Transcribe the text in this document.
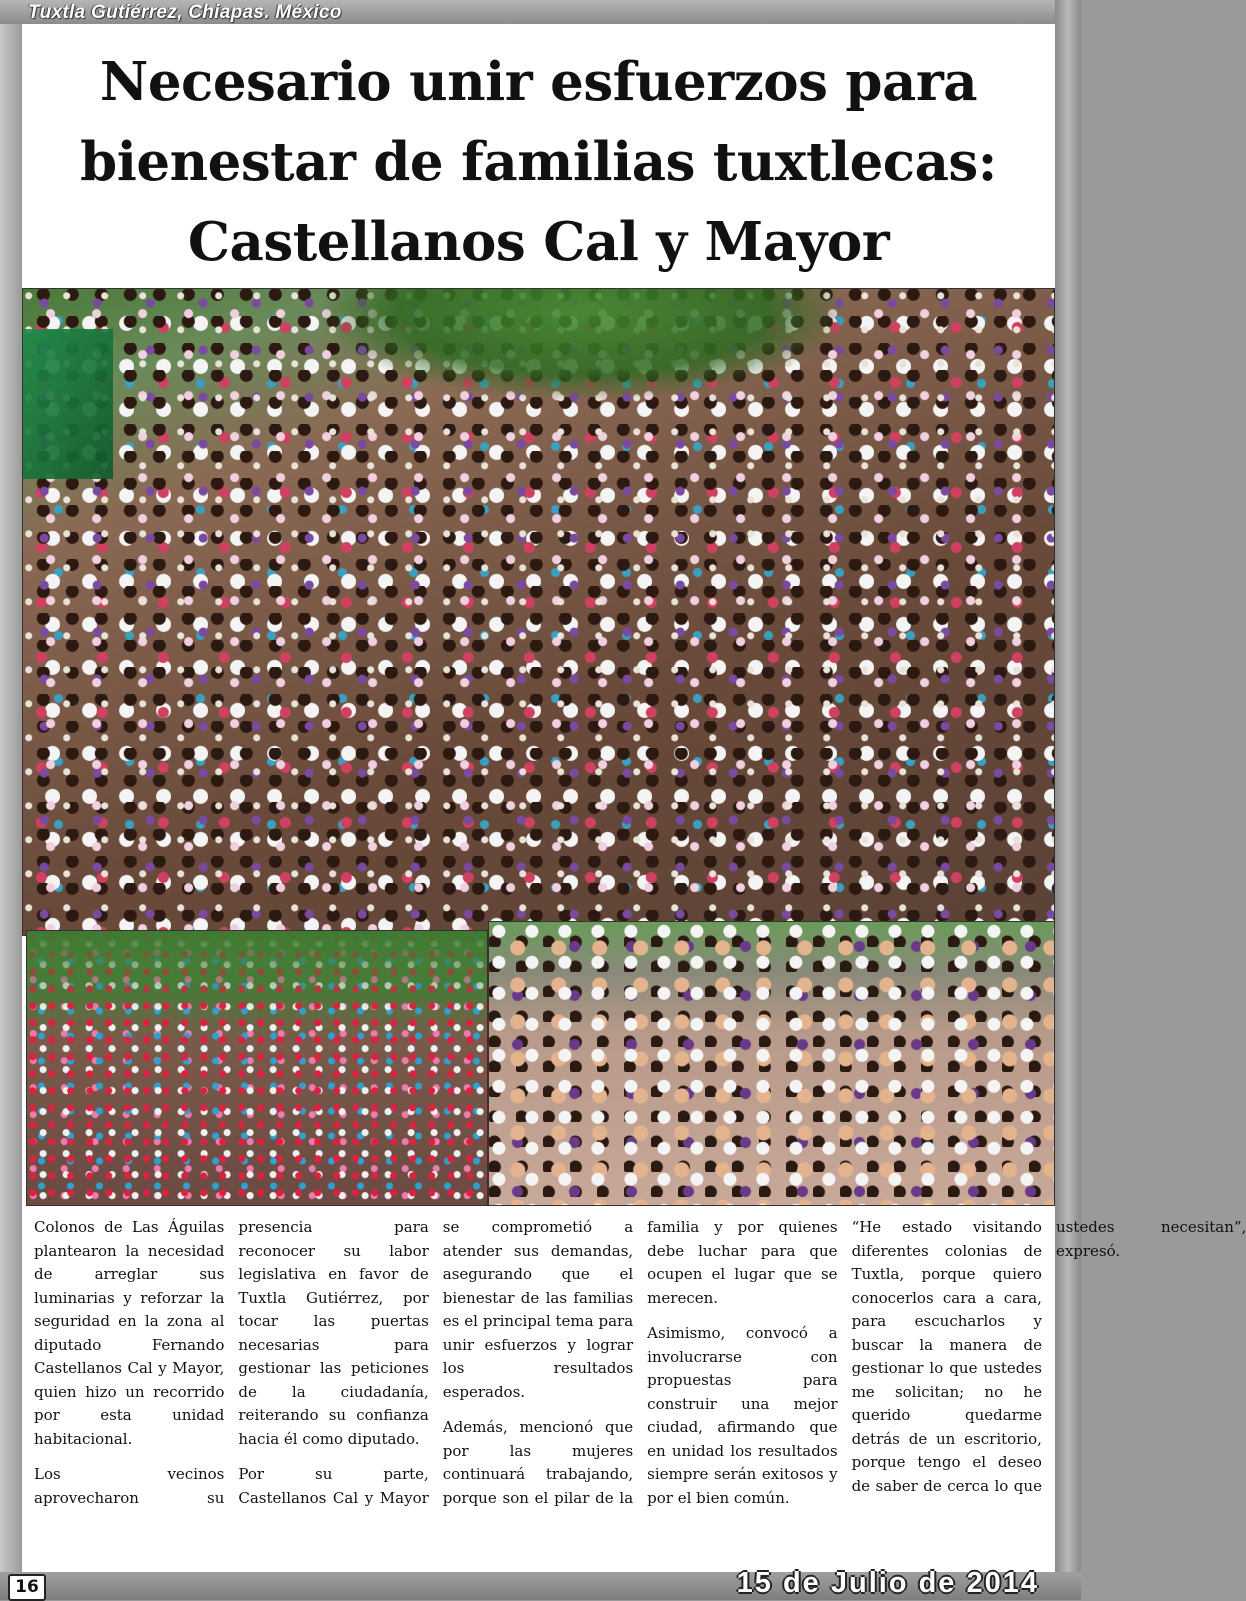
Tuxtla Gutiérrez, Chiapas. México
Necesario unir esfuerzos para
bienestar de familias tuxtlecas:
Castellanos Cal y Mayor

Colonos de Las Águilas plantearon la necesidad de arreglar sus luminarias y reforzar la seguridad en la zona al diputado Fernando Castellanos Cal y Mayor, quien hizo un recorrido por esta unidad habitacional.

Los vecinos aprovecharon su presencia para reconocer su labor legislativa en favor de Tuxtla Gutiérrez, por tocar las puertas necesarias para gestionar las peticiones de la ciudadanía, reiterando su confianza hacia él como diputado.

Por su parte, Castellanos Cal y Mayor se comprometió a atender sus demandas, asegurando que el bienestar de las familias es el principal tema para unir esfuerzos y lograr los resultados esperados.

Además, mencionó que por las mujeres continuará trabajando, porque son el pilar de la familia y por quienes debe luchar para que ocupen el lugar que se merecen.

Asimismo, convocó a involucrarse con propuestas para construir una mejor ciudad, afirmando que en unidad los resultados siempre serán exitosos y por el bien común.

“He estado visitando diferentes colonias de Tuxtla, porque quiero conocerlos cara a cara, para escucharlos y buscar la manera de gestionar lo que ustedes me solicitan; no he querido quedarme detrás de un escritorio, porque tengo el deseo de saber de cerca lo que ustedes necesitan”, expresó.

16	15 de Julio de 2014
